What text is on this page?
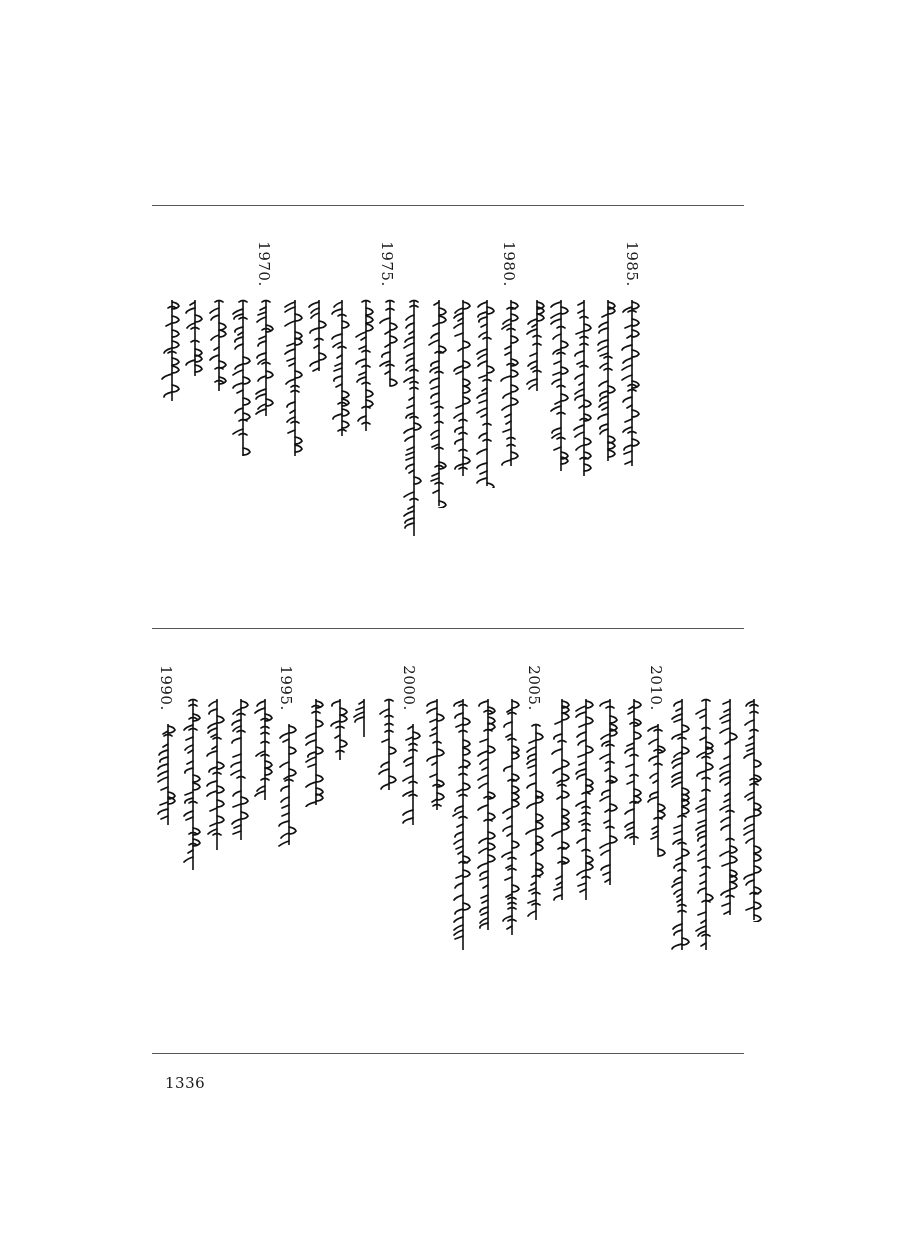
1985.
1980.
1975.
1970.
2010.
2005.
2000.
1995.
1990.
1336
